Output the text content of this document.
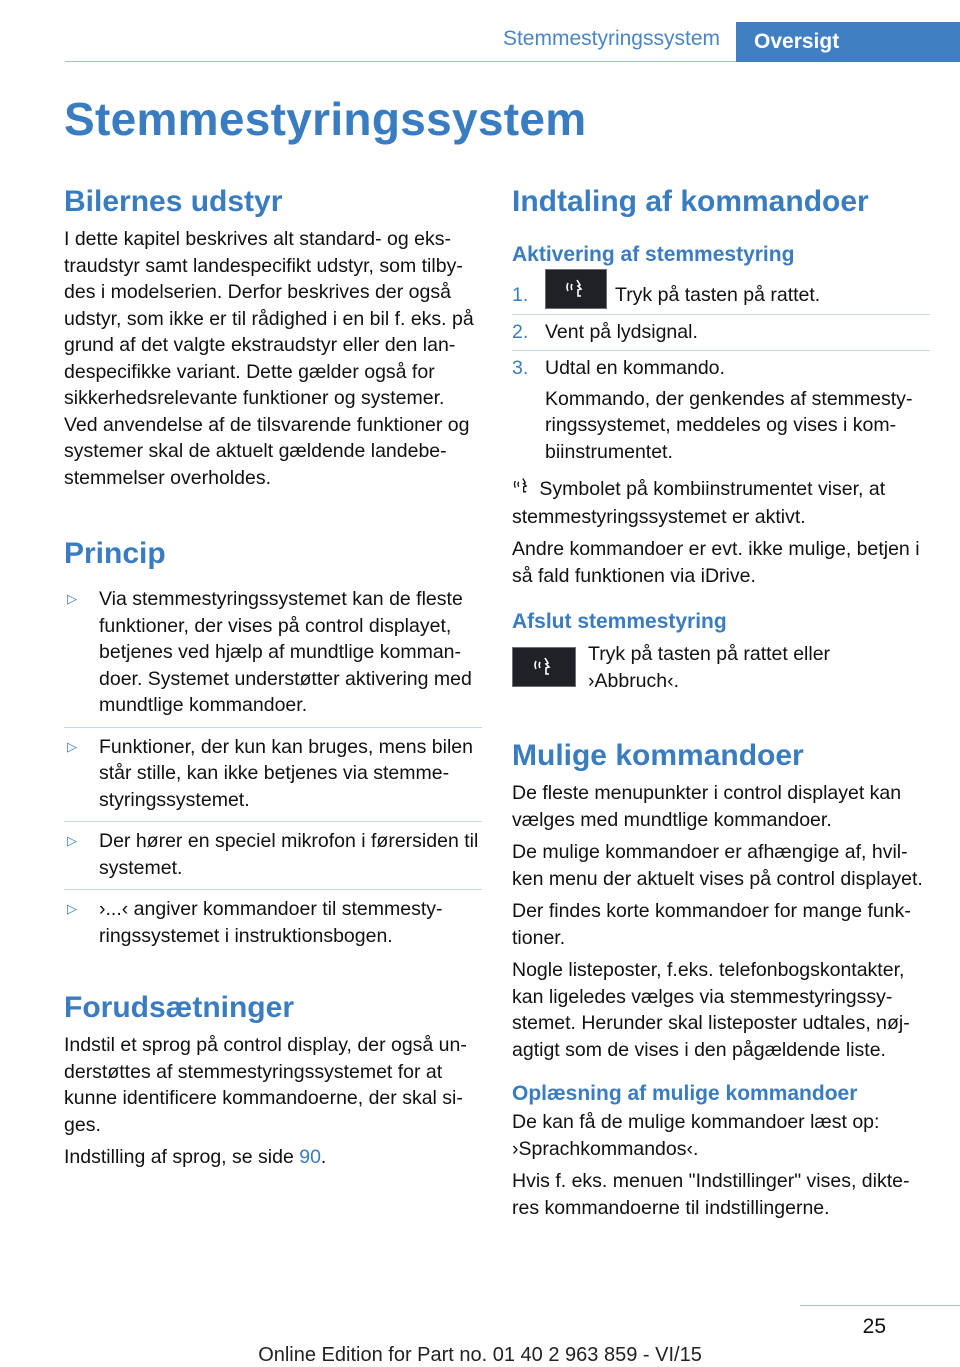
Stemmestyringssystem	Oversigt
Stemmestyringssystem
Bilernes udstyr

I dette kapitel beskrives alt standard- og ekstraudstyr samt landespecifikt udstyr, som tilbydes i modelserien. Derfor beskrives der også udstyr, som ikke er til rådighed i en bil f. eks. på grund af det valgte ekstraudstyr eller den landespecifikke variant. Dette gælder også for sikkerhedsrelevante funktioner og systemer. Ved anvendelse af de tilsvarende funktioner og systemer skal de aktuelt gældende landebestemmelser overholdes.

Princip
▷ Via stemmestyringssystemet kan de fleste funktioner, der vises på control displayet, betjenes ved hjælp af mundtlige kommandoer. Systemet understøtter aktivering med mundtlige kommandoer.
▷ Funktioner, der kun kan bruges, mens bilen står stille, kan ikke betjenes via stemmestyringssystemet.
▷ Der hører en speciel mikrofon i førersiden til systemet.
▷ ›...‹ angiver kommandoer til stemmestyringssystemet i instruktionsbogen.
Forudsætninger

Indstil et sprog på control display, der også understøttes af stemmestyringssystemet for at kunne identificere kommandoerne, der skal siges.

Indstilling af sprog, se side 90.

Indtaling af kommandoer
Aktivering af stemmestyring
1.	Tryk på tasten på rattet.
2. Vent på lydsignal.
3. Udtal en kommando.
Kommando, der genkendes af stemmestyringssystemet, meddeles og vises i kombiinstrumentet.

Symbolet på kombiinstrumentet viser, at stemmestyringssystemet er aktivt.

Andre kommandoer er evt. ikke mulige, betjen i så fald funktionen via iDrive.

Afslut stemmestyring

Tryk på tasten på rattet eller ›Abbruch‹.

Mulige kommandoer

De fleste menupunkter i control displayet kan vælges med mundtlige kommandoer.

De mulige kommandoer er afhængige af, hvilken menu der aktuelt vises på control displayet.

Der findes korte kommandoer for mange funktioner.

Nogle listeposter, f.eks. telefonbogskontakter, kan ligeledes vælges via stemmestyringssystemet. Herunder skal listeposter udtales, nøjagtigt som de vises i den pågældende liste.

Oplæsning af mulige kommandoer

De kan få de mulige kommandoer læst op: ›Sprachkommandos‹.

Hvis f. eks. menuen "Indstillinger" vises, dikteres kommandoerne til indstillingerne.

25
Online Edition for Part no. 01 40 2 963 859 - VI/15
